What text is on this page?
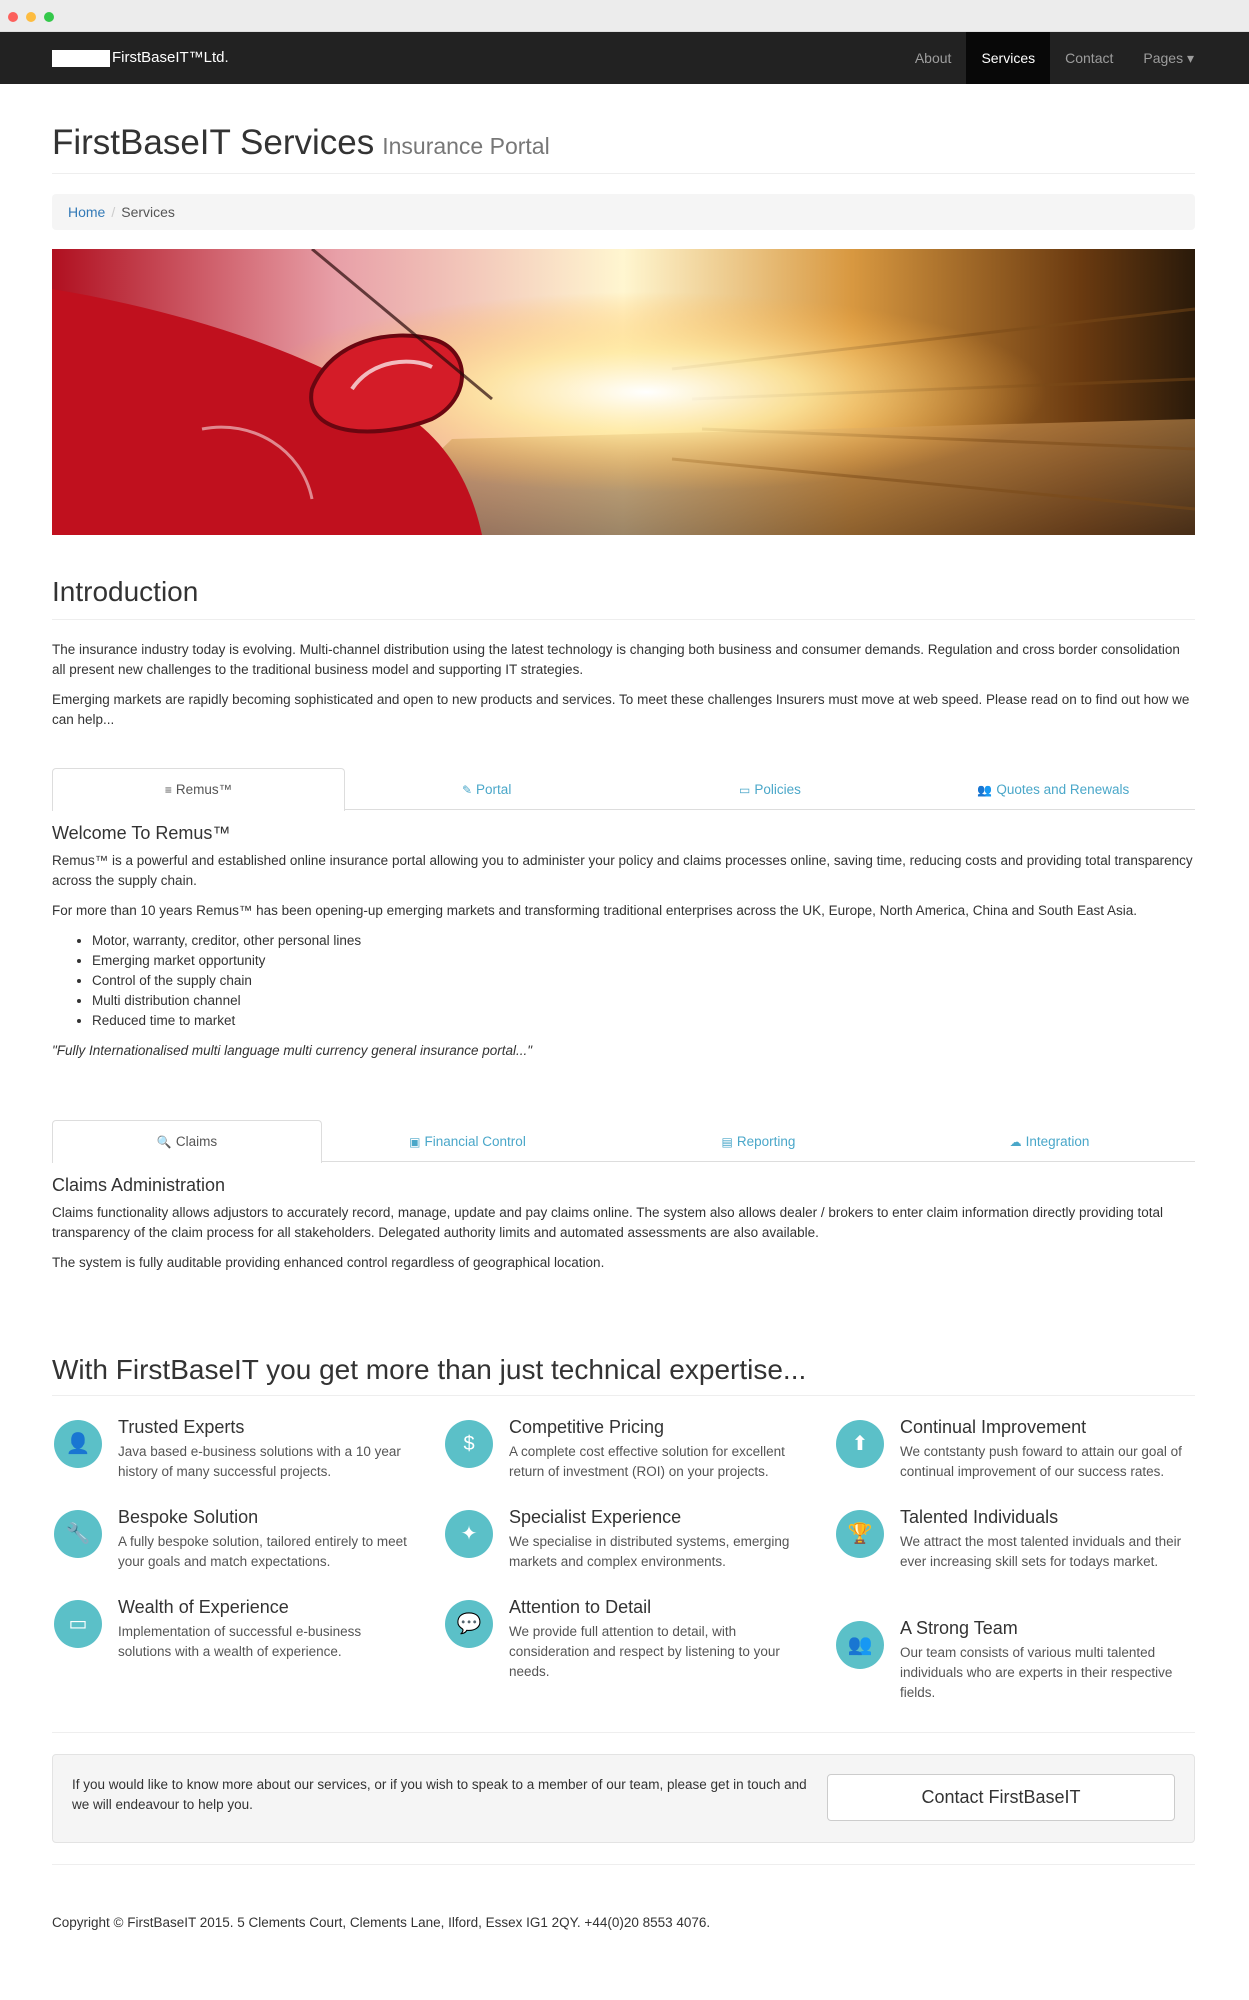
FirstBaseIT™Ltd.	About	Services	Contact	Pages ▾
FirstBaseIT Services Insurance Portal
Home / Services
Introduction

The insurance industry today is evolving. Multi-channel distribution using the latest technology is changing both business and consumer demands. Regulation and cross border consolidation all present new challenges to the traditional business model and supporting IT strategies.

Emerging markets are rapidly becoming sophisticated and open to new products and services. To meet these challenges Insurers must move at web speed. Please read on to find out how we can help...

≡ Remus™	✎ Portal	▭ Policies	👥 Quotes and Renewals
Welcome To Remus™

Remus™ is a powerful and established online insurance portal allowing you to administer your policy and claims processes online, saving time, reducing costs and providing total transparency across the supply chain.

For more than 10 years Remus™ has been opening-up emerging markets and transforming traditional enterprises across the UK, Europe, North America, China and South East Asia.

• Motor, warranty, creditor, other personal lines
• Emerging market opportunity
• Control of the supply chain
• Multi distribution channel
• Reduced time to market

"Fully Internationalised multi language multi currency general insurance portal..."

🔍 Claims	▣ Financial Control	▤ Reporting	☁ Integration
Claims Administration

Claims functionality allows adjustors to accurately record, manage, update and pay claims online. The system also allows dealer / brokers to enter claim information directly providing total transparency of the claim process for all stakeholders. Delegated authority limits and automated assessments are also available.

The system is fully auditable providing enhanced control regardless of geographical location.

With FirstBaseIT you get more than just technical expertise...
👤
Trusted Experts
Java based e-business solutions with a 10 year history of many successful projects.
$
Competitive Pricing
A complete cost effective solution for excellent return of investment (ROI) on your projects.
⬆
Continual Improvement
We contstanty push foward to attain our goal of continual improvement of our success rates.
🔧
Bespoke Solution
A fully bespoke solution, tailored entirely to meet your goals and match expectations.
✦
Specialist Experience
We specialise in distributed systems, emerging markets and complex environments.
🏆
Talented Individuals
We attract the most talented inviduals and their ever increasing skill sets for todays market.
▭
Wealth of Experience
Implementation of successful e-business solutions with a wealth of experience.
💬
Attention to Detail
We provide full attention to detail, with consideration and respect by listening to your needs.
👥
A Strong Team
Our team consists of various multi talented individuals who are experts in their respective fields.
If you would like to know more about our services, or if you wish to speak to a member of our team, please get in touch and we will endeavour to help you.	Contact FirstBaseIT
Copyright © FirstBaseIT 2015. 5 Clements Court, Clements Lane, Ilford, Essex IG1 2QY. +44(0)20 8553 4076.
